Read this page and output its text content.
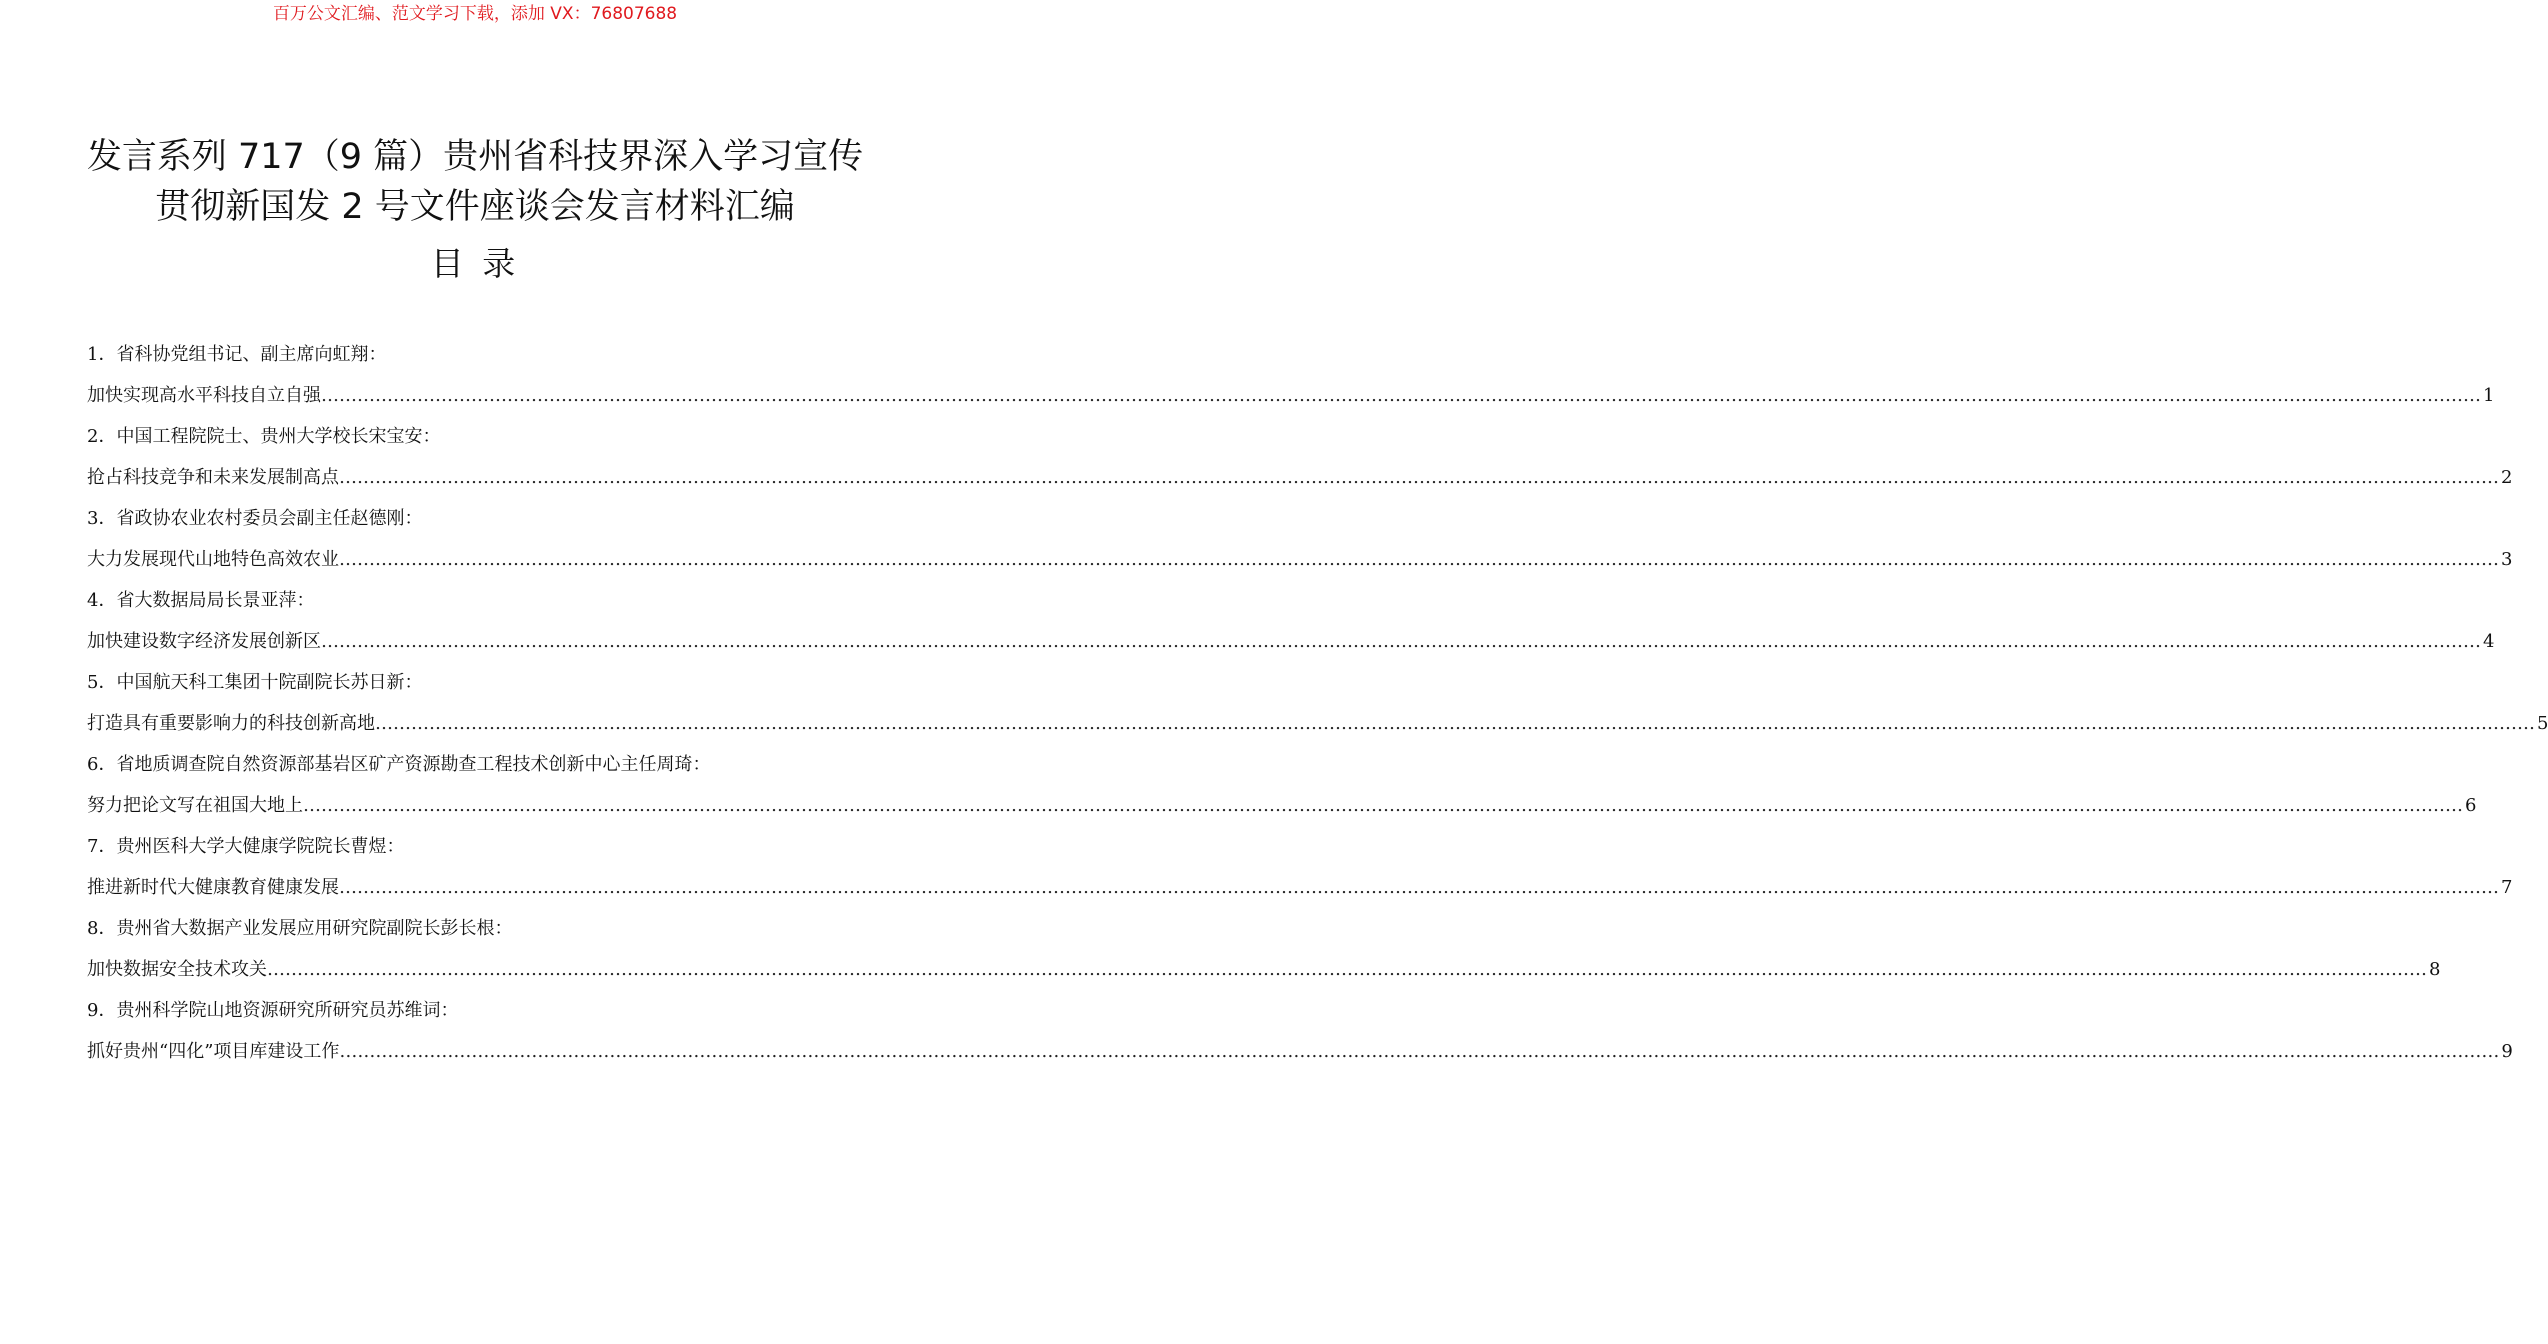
百万公文汇编、范文学习下载，添加 VX：76807688
发言系列 717（9 篇）贵州省科技界深入学习宣传
贯彻新国发 2 号文件座谈会发言材料汇编
目 录
1．省科协党组书记、副主席向虹翔：
加快实现高水平科技自立自强 ……………………………………………………………………………………………………………………………………………………………………………………………………………………………………………………………………………………………………………………………… 1
2．中国工程院院士、贵州大学校长宋宝安：
抢占科技竞争和未来发展制高点 ……………………………………………………………………………………………………………………………………………………………………………………………………………………………………………………………………………………………………………………………… 2
3．省政协农业农村委员会副主任赵德刚：
大力发展现代山地特色高效农业 ……………………………………………………………………………………………………………………………………………………………………………………………………………………………………………………………………………………………………………………………… 3
4．省大数据局局长景亚萍：
加快建设数字经济发展创新区 ……………………………………………………………………………………………………………………………………………………………………………………………………………………………………………………………………………………………………………………………… 4
5．中国航天科工集团十院副院长苏日新：
打造具有重要影响力的科技创新高地 ……………………………………………………………………………………………………………………………………………………………………………………………………………………………………………………………………………………………………………………………… 5
6．省地质调查院自然资源部基岩区矿产资源勘查工程技术创新中心主任周琦：
努力把论文写在祖国大地上 ……………………………………………………………………………………………………………………………………………………………………………………………………………………………………………………………………………………………………………………………… 6
7．贵州医科大学大健康学院院长曹煜：
推进新时代大健康教育健康发展 ……………………………………………………………………………………………………………………………………………………………………………………………………………………………………………………………………………………………………………………………… 7
8．贵州省大数据产业发展应用研究院副院长彭长根：
加快数据安全技术攻关 ……………………………………………………………………………………………………………………………………………………………………………………………………………………………………………………………………………………………………………………………… 8
9．贵州科学院山地资源研究所研究员苏维词：
抓好贵州“四化”项目库建设工作 ……………………………………………………………………………………………………………………………………………………………………………………………………………………………………………………………………………………………………………………………… 9
